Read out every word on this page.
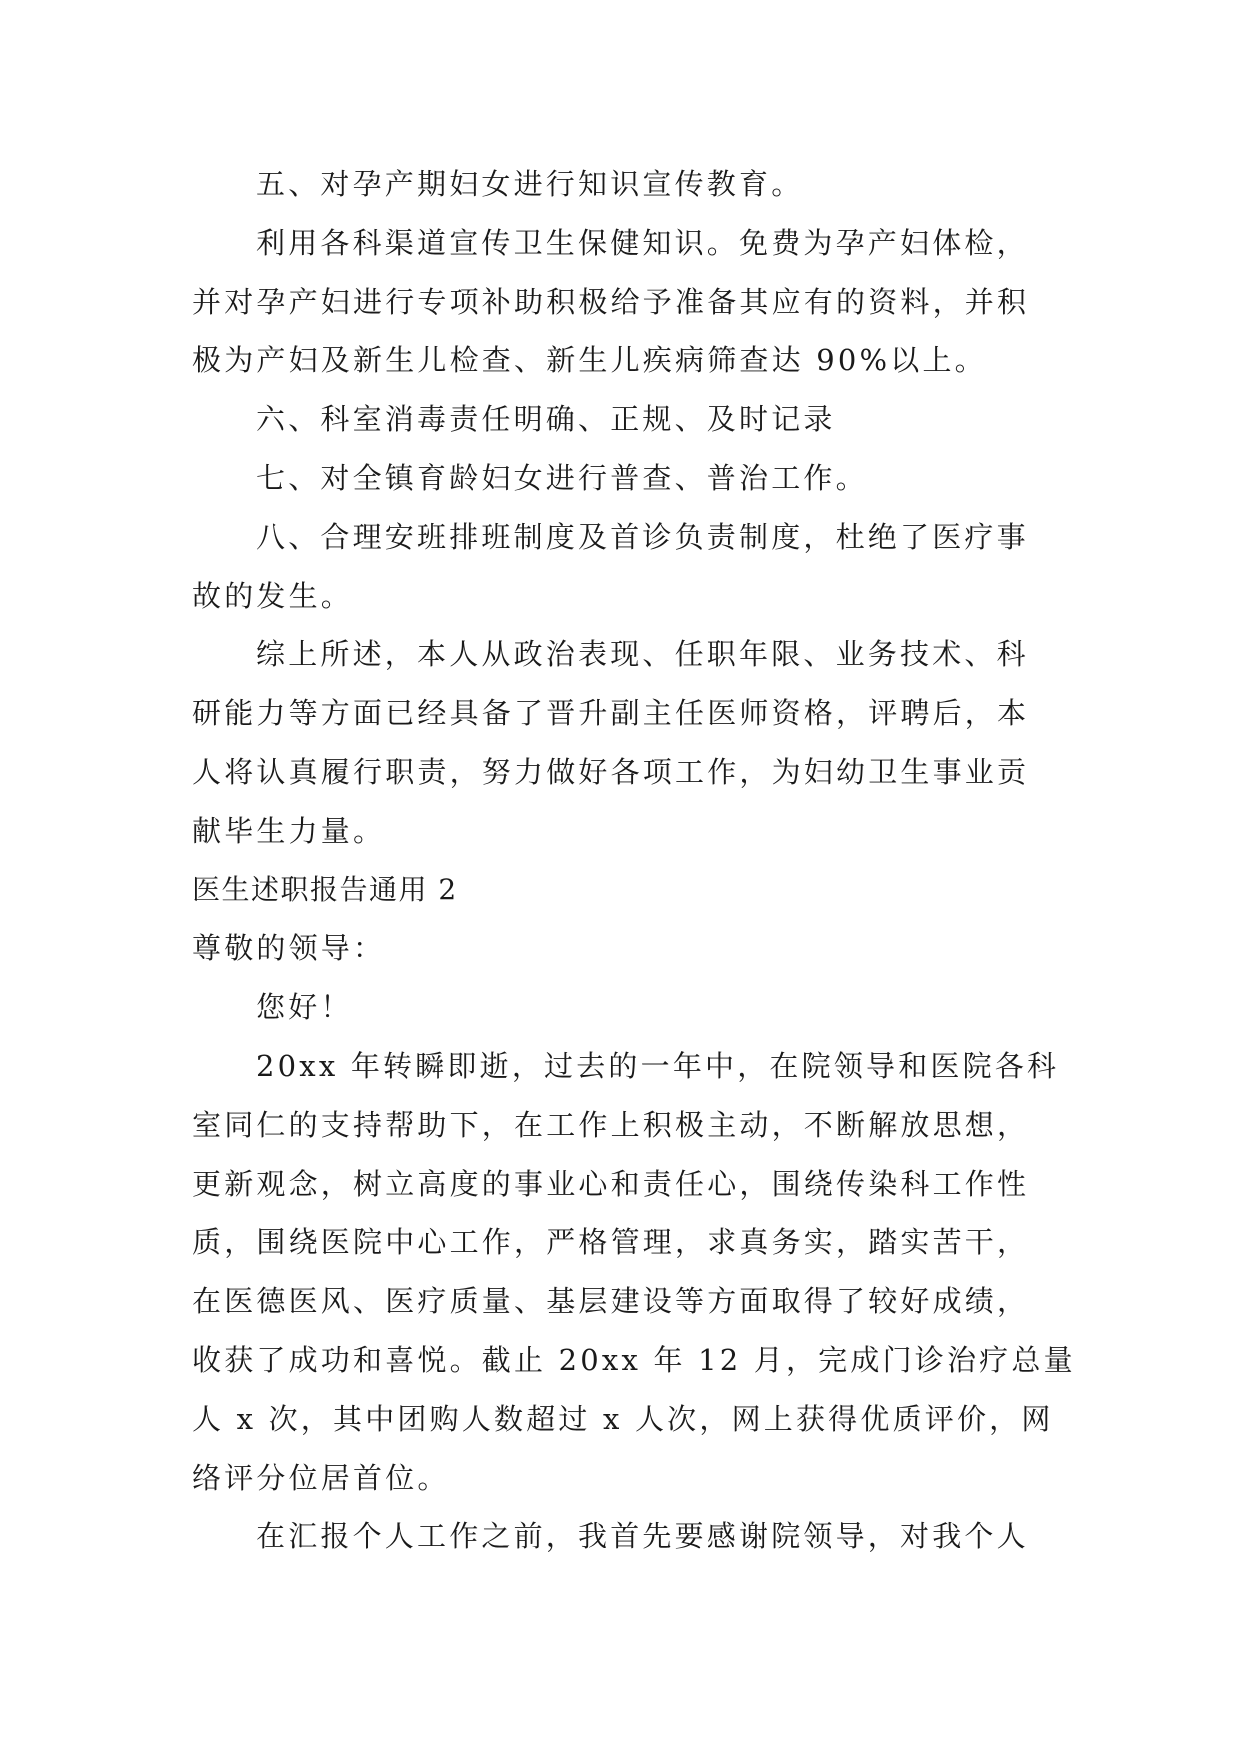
五、对孕产期妇女进行知识宣传教育。
利用各科渠道宣传卫生保健知识。免费为孕产妇体检，
并对孕产妇进行专项补助积极给予准备其应有的资料，并积
极为产妇及新生儿检查、新生儿疾病筛查达 90%以上。
六、科室消毒责任明确、正规、及时记录
七、对全镇育龄妇女进行普查、普治工作。
八、合理安班排班制度及首诊负责制度，杜绝了医疗事
故的发生。
综上所述，本人从政治表现、任职年限、业务技术、科
研能力等方面已经具备了晋升副主任医师资格，评聘后，本
人将认真履行职责，努力做好各项工作，为妇幼卫生事业贡
献毕生力量。
医生述职报告通用 2
尊敬的领导：
您好！
20xx 年转瞬即逝，过去的一年中，在院领导和医院各科
室同仁的支持帮助下，在工作上积极主动，不断解放思想，
更新观念，树立高度的事业心和责任心，围绕传染科工作性
质，围绕医院中心工作，严格管理，求真务实，踏实苦干，
在医德医风、医疗质量、基层建设等方面取得了较好成绩，
收获了成功和喜悦。截止 20xx 年 12 月，完成门诊治疗总量
人 x 次，其中团购人数超过 x 人次，网上获得优质评价，网
络评分位居首位。
在汇报个人工作之前，我首先要感谢院领导，对我个人
